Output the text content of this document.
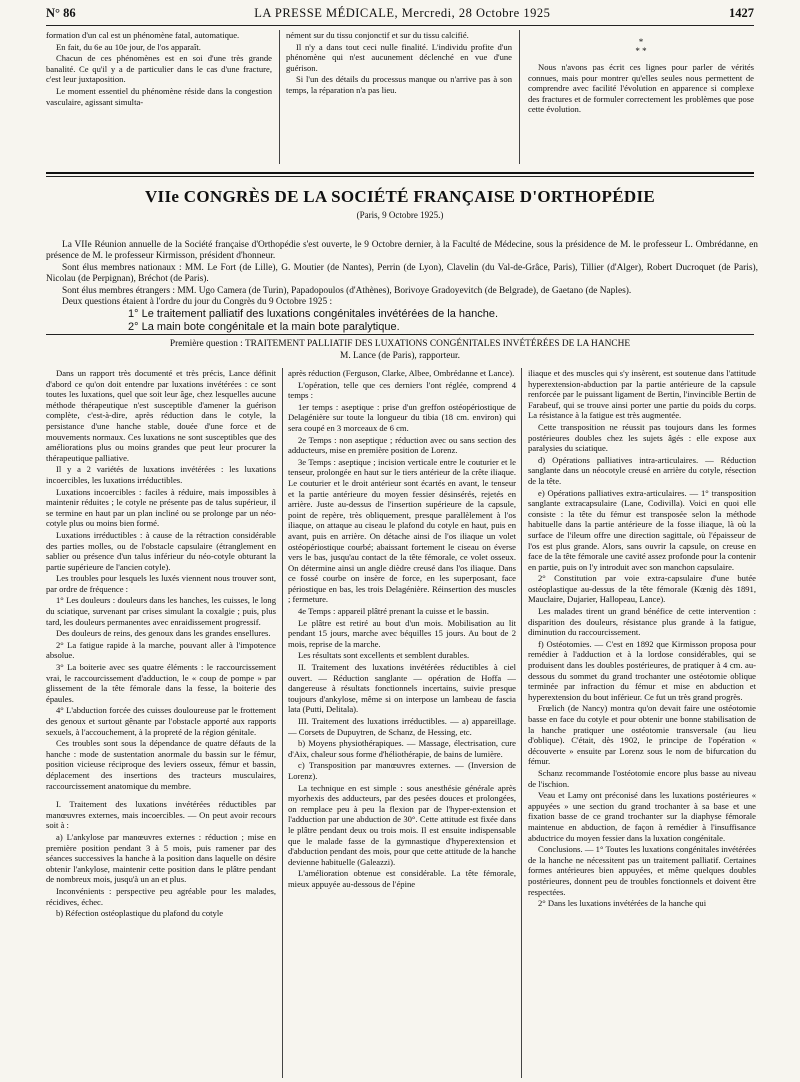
N° 86	LA PRESSE MÉDICALE, Mercredi, 28 Octobre 1925	1427

formation d'un cal est un phénomène fatal, automatique.

En fait, du 6e au 10e jour, de l'os apparaît.

Chacun de ces phénomènes est en soi d'une très grande banalité. Ce qu'il y a de particulier dans le cas d'une fracture, c'est leur juxtaposition.

Le moment essentiel du phénomène réside dans la congestion vasculaire, agissant simulta-

nément sur du tissu conjonctif et sur du tissu calcifié.

Il n'y a dans tout ceci nulle finalité. L'individu profite d'un phénomène qui n'est aucunement déclenché en vue d'une guérison.

Si l'un des détails du processus manque ou n'arrive pas à son temps, la réparation n'a pas lieu.

*
* *

Nous n'avons pas écrit ces lignes pour parler de vérités connues, mais pour montrer qu'elles seules nous permettent de comprendre avec facilité l'évolution en apparence si complexe des fractures et de formuler correctement les problèmes que pose cette évolution.

VIIe CONGRÈS DE LA SOCIÉTÉ FRANÇAISE D'ORTHOPÉDIE
(Paris, 9 Octobre 1925.)

La VIIe Réunion annuelle de la Société française d'Orthopédie s'est ouverte, le 9 Octobre dernier, à la Faculté de Médecine, sous la présidence de M. le professeur L. Ombrédanne, en présence de M. le professeur Kirmisson, président d'honneur.

Sont élus membres nationaux : MM. Le Fort (de Lille), G. Moutier (de Nantes), Perrin (de Lyon), Clavelin (du Val-de-Grâce, Paris), Tillier (d'Alger), Robert Ducroquet (de Paris), Nicolau (de Perpignan), Bréchot (de Paris).

Sont élus membres étrangers : MM. Ugo Camera (de Turin), Papadopoulos (d'Athènes), Borivoye Gradoyevitch (de Belgrade), de Gaetano (de Naples).

Deux questions étaient à l'ordre du jour du Congrès du 9 Octobre 1925 :

1° Le traitement palliatif des luxations congénitales invétérées de la hanche.

2° La main bote congénitale et la main bote paralytique.

Première question : TRAITEMENT PALLIATIF DES LUXATIONS CONGÉNITALES INVÉTÉRÉES DE LA HANCHE
M. Lance (de Paris), rapporteur.

Dans un rapport très documenté et très précis, Lance définit d'abord ce qu'on doit entendre par luxations invétérées : ce sont toutes les luxations, quel que soit leur âge, chez lesquelles aucune méthode thérapeutique n'est susceptible d'amener la guérison complète, c'est-à-dire, après réduction dans le cotyle, la persistance d'une hanche stable, douée d'une force et de mouvements normaux. Ces luxations ne sont susceptibles que des améliorations plus ou moins grandes que peut leur procurer la thérapeutique palliative.

Il y a 2 variétés de luxations invétérées : les luxations incoercibles, les luxations irréductibles.

Luxations incoercibles : faciles à réduire, mais impossibles à maintenir réduites ; le cotyle ne présente pas de talus supérieur, il se termine en haut par un plan incliné ou se prolonge par un néo-cotyle plus ou moins bien formé.

Luxations irréductibles : à cause de la rétraction considérable des parties molles, ou de l'obstacle capsulaire (étranglement en sablier ou présence d'un talus inférieur du néo-cotyle obturant la partie supérieure de l'ancien cotyle).

Les troubles pour lesquels les luxés viennent nous trouver sont, par ordre de fréquence :

1° Les douleurs : douleurs dans les hanches, les cuisses, le long du sciatique, survenant par crises simulant la coxalgie ; puis, plus tard, les douleurs permanentes avec enraidissement progressif.

Des douleurs de reins, des genoux dans les grandes ensellures.

2° La fatigue rapide à la marche, pouvant aller à l'impotence absolue.

3° La boiterie avec ses quatre éléments : le raccourcissement vrai, le raccourcissement d'adduction, le « coup de pompe » par glissement de la tête fémorale dans la fesse, la boiterie des épaules.

4° L'abduction forcée des cuisses douloureuse par le frottement des genoux et surtout gênante par l'obstacle apporté aux rapports sexuels, à l'accouchement, à la propreté de la région génitale.

Ces troubles sont sous la dépendance de quatre défauts de la hanche : mode de sustentation anormale du bassin sur le fémur, position vicieuse réciproque des leviers osseux, fémur et bassin, déplacement des insertions des tracteurs musculaires, raccourcissement anatomique du membre.

I. Traitement des luxations invétérées réductibles par manœuvres externes, mais incoercibles. — On peut avoir recours soit à :

a) L'ankylose par manœuvres externes : réduction ; mise en première position pendant 3 à 5 mois, puis ramener par des séances successives la hanche à la position dans laquelle on désire obtenir l'ankylose, maintenir cette position dans le plâtre pendant de nombreux mois, jusqu'à un an et plus.

Inconvénients : perspective peu agréable pour les malades, récidives, échec.

b) Réfection ostéoplastique du plafond du cotyle

après réduction (Ferguson, Clarke, Albee, Ombrédanne et Lance).

L'opération, telle que ces derniers l'ont réglée, comprend 4 temps :

1er temps : aseptique : prise d'un greffon ostéopériostique de Delagénière sur toute la longueur du tibia (18 cm. environ) qui sera coupé en 3 morceaux de 6 cm.

2e Temps : non aseptique ; réduction avec ou sans section des adducteurs, mise en première position de Lorenz.

3e Temps : aseptique ; incision verticale entre le couturier et le tenseur, prolongée en haut sur le tiers antérieur de la crête iliaque. Le couturier et le droit antérieur sont écartés en avant, le tenseur et la partie antérieure du moyen fessier désinsérés, rejetés en arrière. Juste au-dessus de l'insertion supérieure de la capsule, point de repère, très obliquement, presque parallèlement à l'os iliaque, on attaque au ciseau le plafond du cotyle en haut, puis en avant, puis en arrière. On détache ainsi de l'os iliaque un volet ostéopériostique courbé; abaissant fortement le ciseau on éverse vers le bas, jusqu'au contact de la tête fémorale, ce volet osseux. On détermine ainsi un angle dièdre creusé dans l'os iliaque. Dans ce fossé courbe on insère de force, en les superposant, face périostique en bas, les trois Delagénière. Réinsertion des muscles ; fermeture.

4e Temps : appareil plâtré prenant la cuisse et le bassin.

Le plâtre est retiré au bout d'un mois. Mobilisation au lit pendant 15 jours, marche avec béquilles 15 jours. Au bout de 2 mois, reprise de la marche.

Les résultats sont excellents et semblent durables.

II. Traitement des luxations invétérées réductibles à ciel ouvert. — Réduction sanglante — opération de Hoffa — dangereuse à résultats fonctionnels incertains, suivie presque toujours d'ankylose, même si on interpose un lambeau de fascia lata (Putti, Delitala).

III. Traitement des luxations irréductibles. — a) appareillage. — Corsets de Dupuytren, de Schanz, de Hessing, etc.

b) Moyens physiothérapiques. — Massage, électrisation, cure d'Aix, chaleur sous forme d'héliothérapie, de bains de lumière.

c) Transposition par manœuvres externes. — (Inversion de Lorenz).

La technique en est simple : sous anesthésie générale après myorhexis des adducteurs, par des pesées douces et prolongées, on remplace peu à peu la flexion par de l'hyper-extension et l'adduction par une abduction de 30°. Cette attitude est fixée dans le plâtre pendant deux ou trois mois. Il est ensuite indispensable que le malade fasse de la gymnastique d'hyperextension et d'abduction pendant des mois, pour que cette attitude de la hanche devienne habituelle (Galeazzi).

L'amélioration obtenue est considérable. La tête fémorale, mieux appuyée au-dessous de l'épine

iliaque et des muscles qui s'y insèrent, est soutenue dans l'attitude hyperextension-abduction par la partie antérieure de la capsule renforcée par le puissant ligament de Bertin, l'invincible Bertin de Farabeuf, qui se trouve ainsi porter une partie du poids du corps. La résistance à la fatigue est très augmentée.

Cette transposition ne réussit pas toujours dans les formes postérieures doubles chez les sujets âgés : elle expose aux paralysies du sciatique.

d) Opérations palliatives intra-articulaires. — Réduction sanglante dans un néocotyle creusé en arrière du cotyle, résection de la tête.

e) Opérations palliatives extra-articulaires. — 1° transposition sanglante extracapsulaire (Lane, Codivilla). Voici en quoi elle consiste : la tête du fémur est transposée selon la méthode habituelle dans la partie antérieure de la fosse iliaque, là où la surface de l'ileum offre une direction sagittale, où l'épaisseur de l'os est plus grande. Alors, sans ouvrir la capsule, on creuse en face de la tête fémorale une cavité assez profonde pour la contenir en partie, puis on l'y introduit avec son manchon capsulaire.

2° Constitution par voie extra-capsulaire d'une butée ostéoplastique au-dessus de la tête fémorale (Kœnig dès 1891, Mauclaire, Dujarier, Hallopeau, Lance).

Les malades tirent un grand bénéfice de cette intervention : disparition des douleurs, résistance plus grande à la fatigue, diminution du raccourcissement.

f) Ostéotomies. — C'est en 1892 que Kirmisson proposa pour remédier à l'adduction et à la lordose considérables, qui se produisent dans les doubles postérieures, de pratiquer à 4 cm. au-dessous du sommet du grand trochanter une ostéotomie oblique terminée par infraction du fémur et mise en abduction et hyperextension du bout inférieur. Ce fut un très grand progrès.

Frœlich (de Nancy) montra qu'on devait faire une ostéotomie basse en face du cotyle et pour obtenir une bonne stabilisation de la hanche pratiquer une ostéotomie transversale (au lieu d'oblique). C'était, dès 1902, le principe de l'opération « découverte » ensuite par Lorenz sous le nom de bifurcation du fémur.

Schanz recommande l'ostéotomie encore plus basse au niveau de l'ischion.

Veau et Lamy ont préconisé dans les luxations postérieures « appuyées » une section du grand trochanter à sa base et une fixation basse de ce grand trochanter sur la diaphyse fémorale maintenue en abduction, de façon à remédier à l'insuffisance abductrice du moyen fessier dans la luxation congénitale.

Conclusions. — 1° Toutes les luxations congénitales invétérées de la hanche ne nécessitent pas un traitement palliatif. Certaines formes antérieures bien appuyées, et même quelques doubles postérieures, donnent peu de troubles fonctionnels et doivent être respectées.

2° Dans les luxations invétérées de la hanche qui
